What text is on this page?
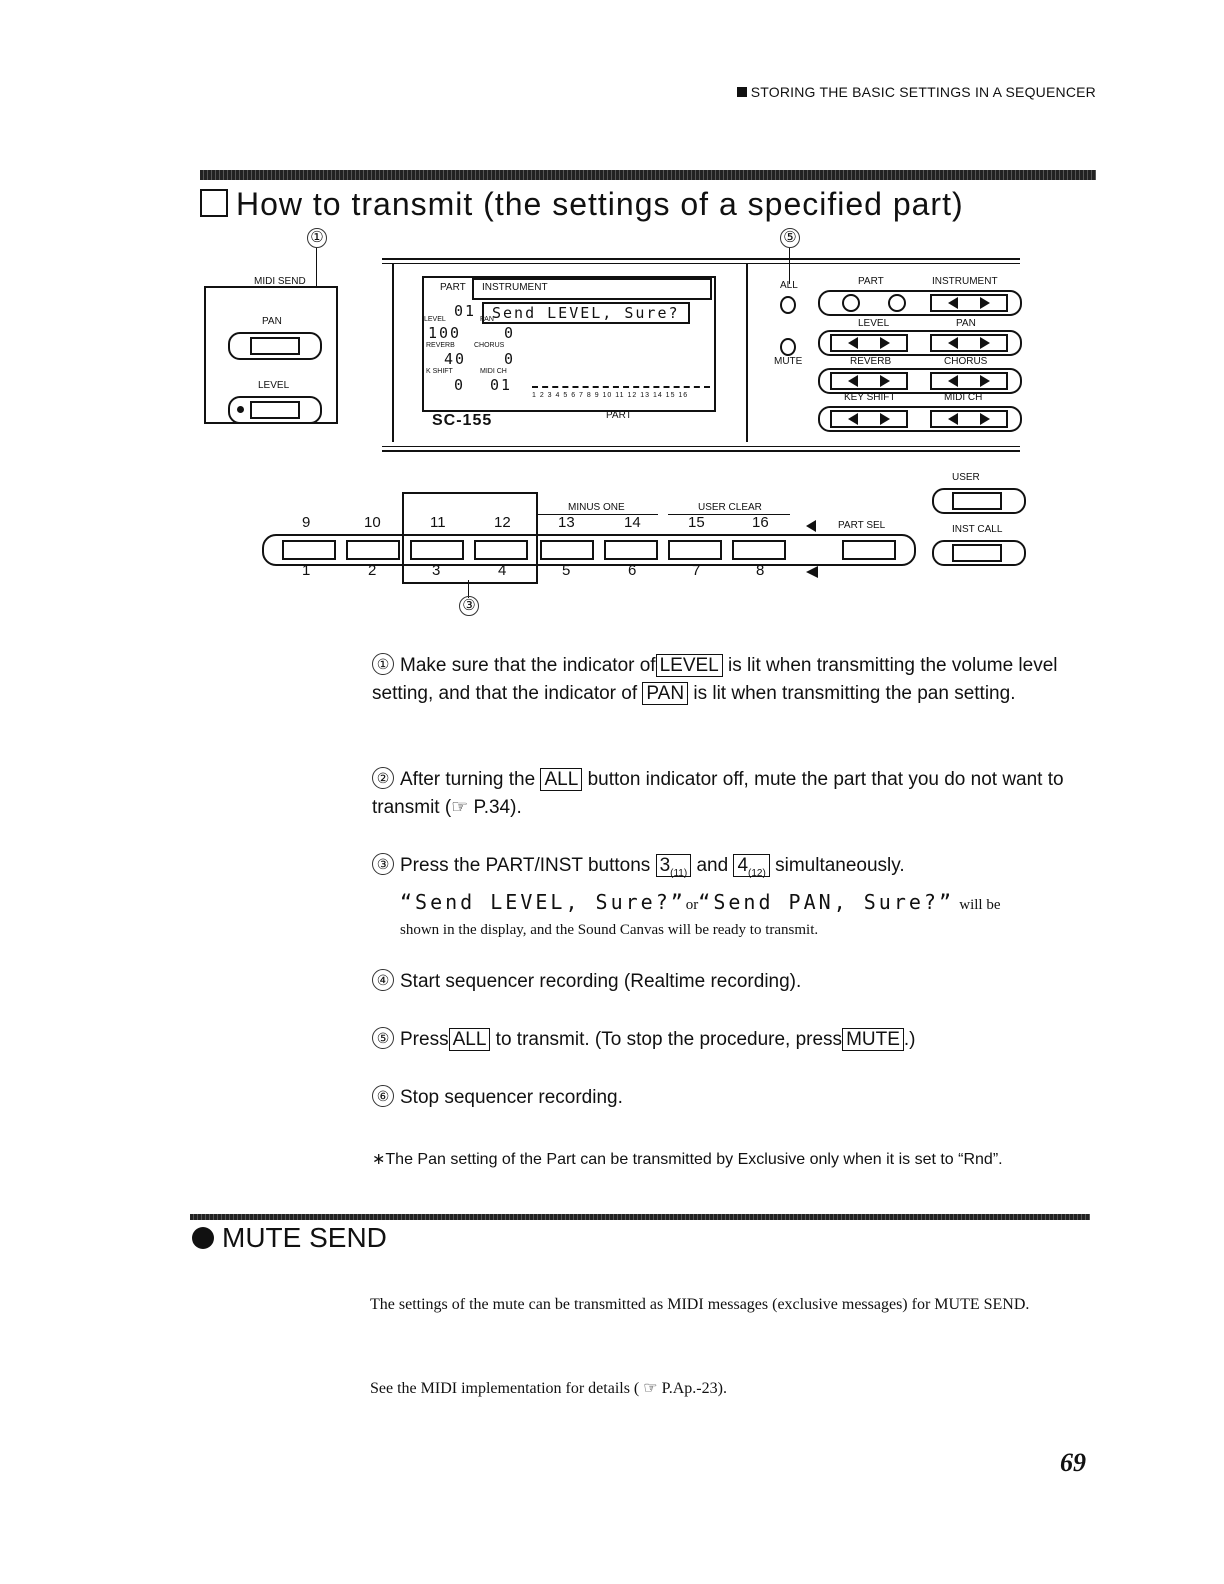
STORING THE BASIC SETTINGS IN A SEQUENCER
How to transmit (the settings of a specified part)
①
MIDI SEND
PAN
LEVEL
PART INSTRUMENT
01	Send LEVEL, Sure?
LEVEL	PAN
100	0
REVERB	CHORUS
40	0
K SHIFT	MIDI CH
0 01
1 2 3 4 5 6 7 8 9 10 11 12 13 14 15 16
SC-155	PART
⑤
ALL
MUTE
PART	INSTRUMENT
LEVEL	PAN
REVERB	CHORUS
KEY SHIFT	MIDI CH
USER
INST CALL
MINUS ONE	USER CLEAR
9	10	11	12	13	14	15	16	PART SEL
1	2	3	4	5	6	7	8
③
① Make sure that the indicator of LEVEL is lit when transmitting the volume level setting, and that the indicator of PAN is lit when transmitting the pan setting.
② After turning the ALL button indicator off, mute the part that you do not want to transmit (☞ P.34).
③ Press the PART/INST buttons $3_{(11)}$ and $4_{(12)}$ simultaneously.
“Send LEVEL, Sure?”or“Send PAN, Sure?” will be
shown in the display, and the Sound Canvas will be ready to transmit.
④ Start sequencer recording (Realtime recording).
⑤ Press ALL to transmit. (To stop the procedure, press MUTE .)
⑥ Stop sequencer recording.
∗The Pan setting of the Part can be transmitted by Exclusive only when it is set to “Rnd”.
MUTE SEND
The settings of the mute can be transmitted as MIDI messages (exclusive messages) for MUTE SEND.
See the MIDI implementation for details ( ☞ P.Ap.-23).
69
